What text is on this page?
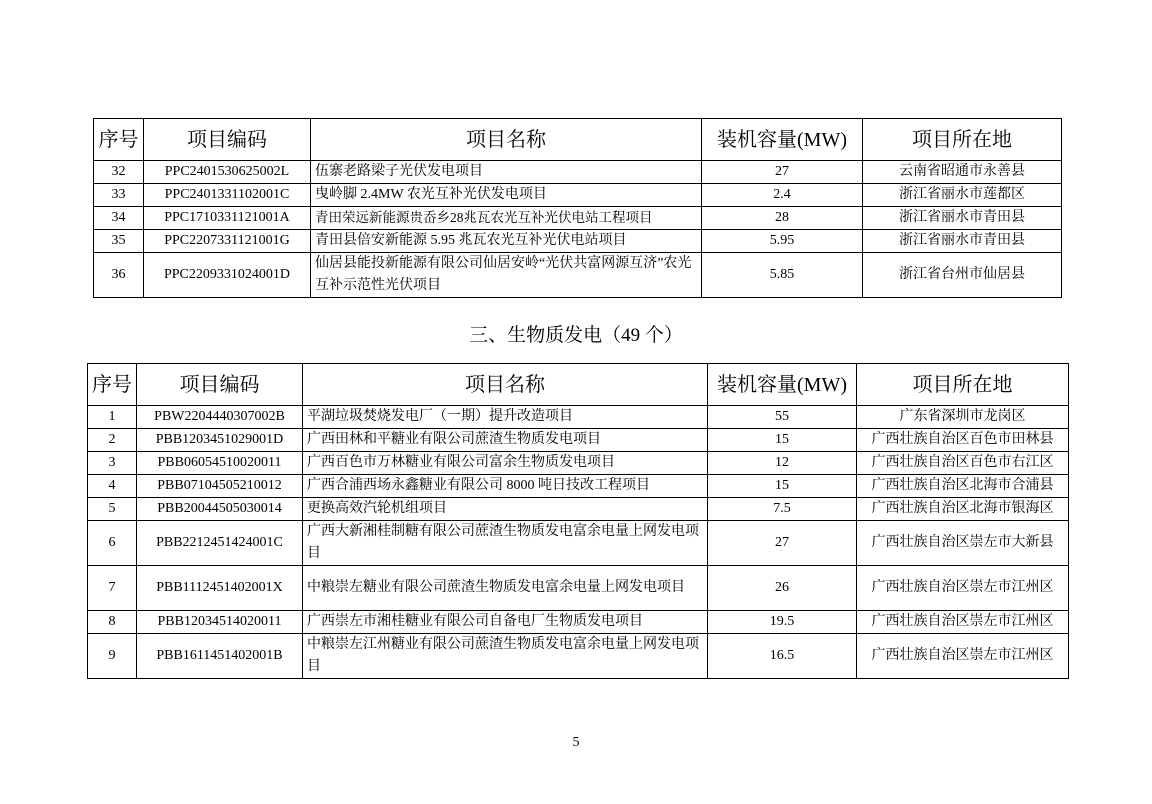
序号	项目编码	项目名称	装机容量(MW)	项目所在地
32	PPC2401530625002L	伍寨老路梁子光伏发电项目	27	云南省昭通市永善县
33	PPC2401331102001C	曳岭脚 2.4MW 农光互补光伏发电项目	2.4	浙江省丽水市莲都区
34	PPC1710331121001A	青田荣远新能源贵岙乡28兆瓦农光互补光伏电站工程项目	28	浙江省丽水市青田县
35	PPC2207331121001G	青田县倍安新能源 5.95 兆瓦农光互补光伏电站项目	5.95	浙江省丽水市青田县
36	PPC2209331024001D	仙居县能投新能源有限公司仙居安岭“光伏共富网源互济”农光互补示范性光伏项目	5.85	浙江省台州市仙居县
三、生物质发电（49 个）
序号	项目编码	项目名称	装机容量(MW)	项目所在地
1	PBW2204440307002B	平湖垃圾焚烧发电厂（一期）提升改造项目	55	广东省深圳市龙岗区
2	PBB1203451029001D	广西田林和平糖业有限公司蔗渣生物质发电项目	15	广西壮族自治区百色市田林县
3	PBB06054510020011	广西百色市万林糖业有限公司富余生物质发电项目	12	广西壮族自治区百色市右江区
4	PBB07104505210012	广西合浦西场永鑫糖业有限公司 8000 吨日技改工程项目	15	广西壮族自治区北海市合浦县
5	PBB20044505030014	更换高效汽轮机组项目	7.5	广西壮族自治区北海市银海区
6	PBB2212451424001C	广西大新湘桂制糖有限公司蔗渣生物质发电富余电量上网发电项目	27	广西壮族自治区崇左市大新县
7	PBB1112451402001X	中粮崇左糖业有限公司蔗渣生物质发电富余电量上网发电项目	26	广西壮族自治区崇左市江州区
8	PBB12034514020011	广西崇左市湘桂糖业有限公司自备电厂生物质发电项目	19.5	广西壮族自治区崇左市江州区
9	PBB1611451402001B	中粮崇左江州糖业有限公司蔗渣生物质发电富余电量上网发电项目	16.5	广西壮族自治区崇左市江州区
5
